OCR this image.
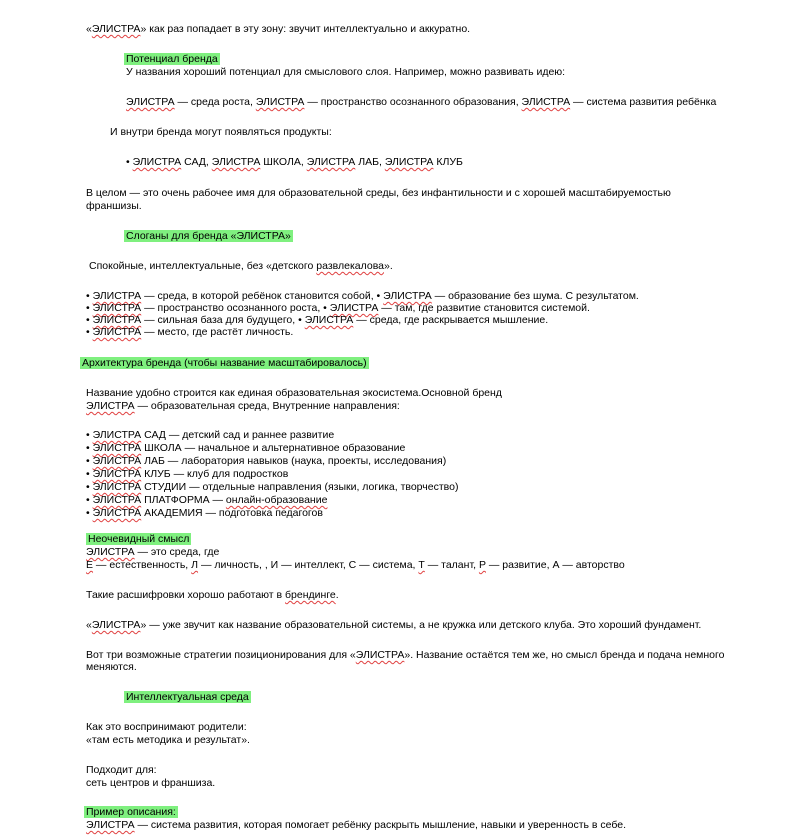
«ЭЛИСТРА» как раз попадает в эту зону: звучит интеллектуально и аккуратно.
Потенциал бренда
У названия хороший потенциал для смыслового слоя. Например, можно развивать идею:
ЭЛИСТРА — среда роста, ЭЛИСТРА — пространство осознанного образования, ЭЛИСТРА — система развития ребёнка
И внутри бренда могут появляться продукты:
• ЭЛИСТРА САД, ЭЛИСТРА ШКОЛА, ЭЛИСТРА ЛАБ, ЭЛИСТРА КЛУБ
В целом — это очень рабочее имя для образовательной среды, без инфантильности и с хорошей масштабируемостью
франшизы.
Слоганы для бренда «ЭЛИСТРА»
Спокойные, интеллектуальные, без «детского развлекалова».
• ЭЛИСТРА — среда, в которой ребёнок становится собой, • ЭЛИСТРА — образование без шума. С результатом.
• ЭЛИСТРА — пространство осознанного роста, • ЭЛИСТРА — там, где развитие становится системой.
• ЭЛИСТРА — сильная база для будущего, • ЭЛИСТРА — среда, где раскрывается мышление.
• ЭЛИСТРА — место, где растёт личность.
Архитектура бренда (чтобы название масштабировалось)
Название удобно строится как единая образовательная экосистема.Основной бренд
ЭЛИСТРА — образовательная среда, Внутренние направления:
• ЭЛИСТРА САД — детский сад и раннее развитие
• ЭЛИСТРА ШКОЛА — начальное и альтернативное образование
• ЭЛИСТРА ЛАБ — лаборатория навыков (наука, проекты, исследования)
• ЭЛИСТРА КЛУБ — клуб для подростков
• ЭЛИСТРА СТУДИИ — отдельные направления (языки, логика, творчество)
• ЭЛИСТРА ПЛАТФОРМА — онлайн-образование
• ЭЛИСТРА АКАДЕМИЯ — подготовка педагогов
Неочевидный смысл
ЭЛИСТРА — это среда, где
Е — естественность, Л — личность, , И — интеллект, С — система, Т — талант, Р — развитие, А — авторство
Такие расшифровки хорошо работают в брендинге.
«ЭЛИСТРА» — уже звучит как название образовательной системы, а не кружка или детского клуба. Это хороший фундамент.
Вот три возможные стратегии позиционирования для «ЭЛИСТРА». Название остаётся тем же, но смысл бренда и подача немного
меняются.
Интеллектуальная среда
Как это воспринимают родители:
«там есть методика и результат».
Подходит для:
сеть центров и франшиза.
Пример описания:
ЭЛИСТРА — система развития, которая помогает ребёнку раскрыть мышление, навыки и уверенность в себе.
